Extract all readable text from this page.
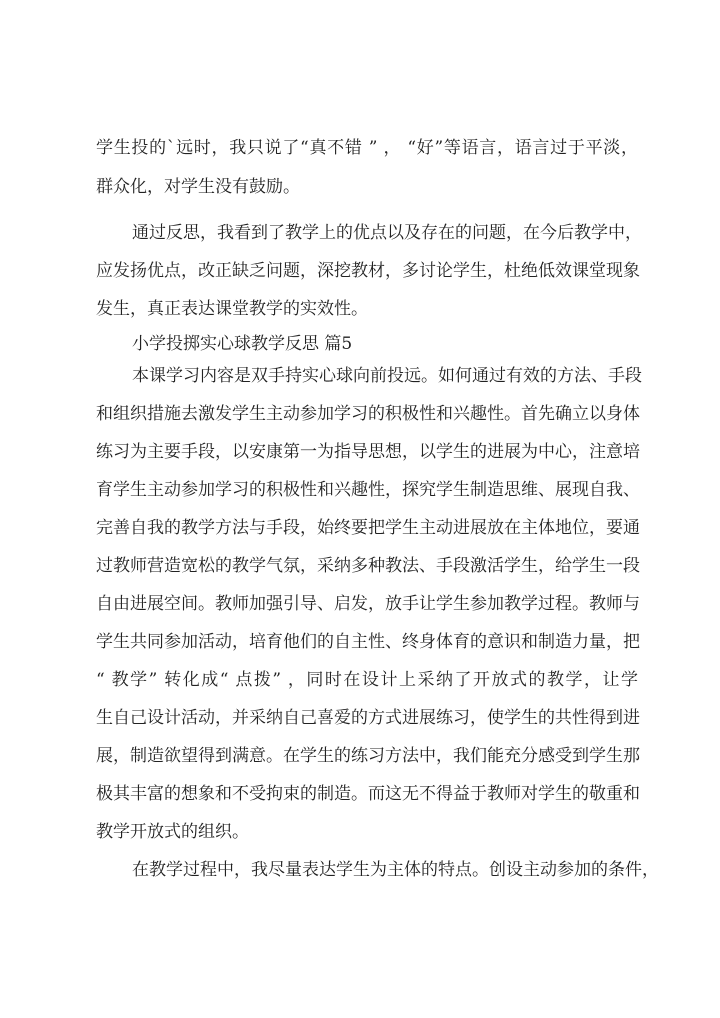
学生投的`远时，我只说了“真不错 ” ， “好”等语言，语言过于平淡，
群众化，对学生没有鼓励。
通过反思，我看到了教学上的优点以及存在的问题，在今后教学中，
应发扬优点，改正缺乏问题，深挖教材，多讨论学生，杜绝低效课堂现象
发生，真正表达课堂教学的实效性。
小学投掷实心球教学反思 篇5
本课学习内容是双手持实心球向前投远。如何通过有效的方法、手段
和组织措施去激发学生主动参加学习的积极性和兴趣性。首先确立以身体
练习为主要手段，以安康第一为指导思想，以学生的进展为中心，注意培
育学生主动参加学习的积极性和兴趣性，探究学生制造思维、展现自我、
完善自我的教学方法与手段，始终要把学生主动进展放在主体地位，要通
过教师营造宽松的教学气氛，采纳多种教法、手段激活学生，给学生一段
自由进展空间。教师加强引导、启发，放手让学生参加教学过程。教师与
学生共同参加活动，培育他们的自主性、终身体育的意识和制造力量，把
“ 教学” 转化成“ 点拨” ，同时在设计上采纳了开放式的教学，让学
生自己设计活动，并采纳自己喜爱的方式进展练习，使学生的共性得到进
展，制造欲望得到满意。在学生的练习方法中，我们能充分感受到学生那
极其丰富的想象和不受拘束的制造。而这无不得益于教师对学生的敬重和
教学开放式的组织。
在教学过程中，我尽量表达学生为主体的特点。创设主动参加的条件，
